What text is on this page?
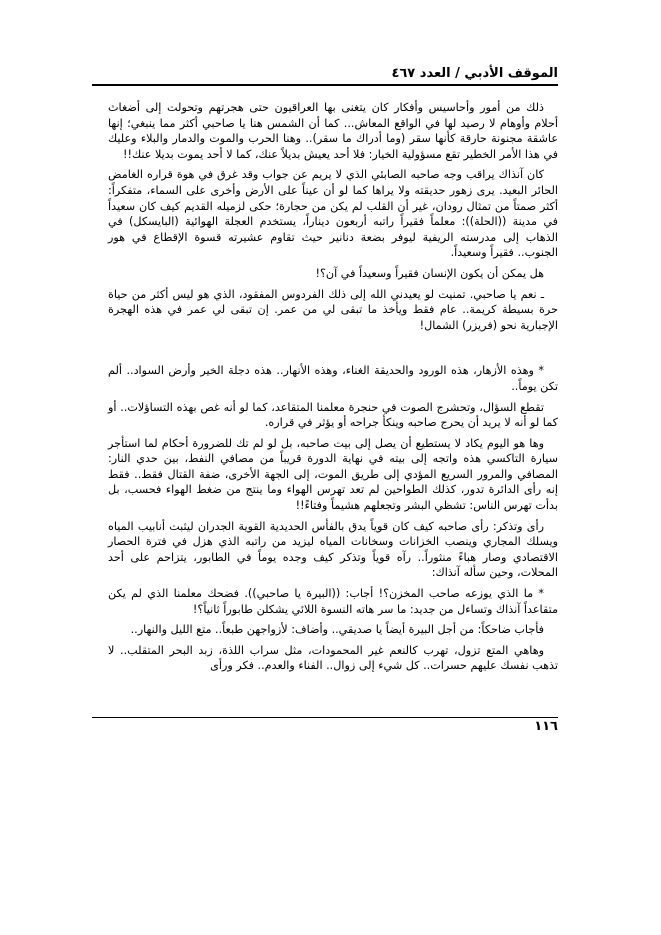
الموقف الأدبي / العدد ٤٦٧

ذلك من أمور وأحاسيس وأفكار كان يتغنى بها العراقيون حتى هجرتهم وتحولت إلى أضغاث أحلام وأوهام لا رصيد لها في الواقع المعاش... كما أن الشمس هنا يا صاحبي أكثر مما ينبغي؛ إنها عاشقة مجنونة حارقة كأنها سقر (وما أدراك ما سقر).. وهنا الحرب والموت والدمار والبلاء وعليك في هذا الأمر الخطير تقع مسؤولية الخيار: فلا أحد يعيش بديلاً عنك، كما لا أحد يموت بديلا عنك!!

كان آنذاك يراقب وجه صاحبه الصابئي الذي لا يريم عن جواب وقد غرق في هوة قراره الغامض الحائر البعيد. يرى زهور حديقته ولا يراها كما لو أن عيناً على الأرض وأخرى على السماء، متفكراً: أكثر صمتاً من تمثال رودان، غير أن القلب لم يكن من حجارة؛ حكى لزميله القديم كيف كان سعيداً في مدينة ((الحلة)): معلماً فقيراً راتبه أربعون ديناراً، يستخدم العجلة الهوائية (البايسكل) في الذهاب إلى مدرسته الريفية ليوفر بضعة دنانير حيث تقاوم عشيرته قسوة الإقطاع في هور الجنوب.. فقيراً وسعيداً.

هل يمكن أن يكون الإنسان فقيراً وسعيداً في آن؟!

ـ نعم يا صاحبي. تمنيت لو يعيدني الله إلى ذلك الفردوس المفقود، الذي هو ليس أكثر من حياة حرة بسيطة كريمة.. عام فقط ويأخذ ما تبقى لي من عمر. إن تبقى لي عمر في هذه الهجرة الإجبارية نحو (فريزر) الشمال!

* وهذه الأزهار، هذه الورود والحديقة الغناء، وهذه الأنهار.. هذه دجلة الخير وأرض السواد.. ألم تكن يوماً..

تقطع السؤال، وتحشرج الصوت في حنجرة معلمنا المتقاعد، كما لو أنه غص بهذه التساؤلات.. أو كما لو أنه لا يريد أن يحرج صاحبه وينكأ جراحه أو يؤثر في قراره.

وها هو اليوم يكاد لا يستطيع أن يصل إلى بيت صاحبه، بل لو لم تك للضرورة أحكام لما استأجر سيارة التاكسي هذه واتجه إلى بيته في نهاية الدورة قريباً من مصافي النفط، بين حدي النار: المصافي والمرور السريع المؤدي إلى طريق الموت، إلى الجهة الأخرى، ضفة القتال فقط.. فقط إنه رأى الدائرة تدور، كذلك الطواحين لم تعد تهرس الهواء وما ينتج من ضغط الهواء فحسب، بل بدأت تهرس الناس: تشظي البشر وتجعلهم هشيماً وفتاءً!!

رأى وتذكر: رأى صاحبه كيف كان قوياً يدق بالفأس الحديدية القوية الجدران ليثبت أنابيب المياه ويسلك المجاري وينصب الخزانات وسخانات المياه ليزيد من راتبه الذي هزل في فترة الحصار الاقتصادي وصار هباءً منثوراً.. رآه قوياً وتذكر كيف وجده يوماً في الطابور، يتزاحم على أحد المحلات، وحين سأله آنذاك:

* ما الذي يوزعه صاحب المخزن؟! أجاب: ((البيرة يا صاحبي)). فضحك معلمنا الذي لم يكن متقاعداً آنذاك وتساءل من جديد: ما سر هاته النسوة اللائي يشكلن طابوراً ثانياً؟!

فأجاب ضاحكاً: من أجل البيرة أيضاً يا صديقي.. وأضاف: لأزواجهن طبعاً.. متع الليل والنهار..

وهاهي المتع تزول، تهرب كالنعم غير المحمودات، مثل سراب اللذة، زبد البحر المتقلب.. لا تذهب نفسك عليهم حسرات.. كل شيء إلى زوال.. الفناء والعدم.. فكر ورأى

١١٦
